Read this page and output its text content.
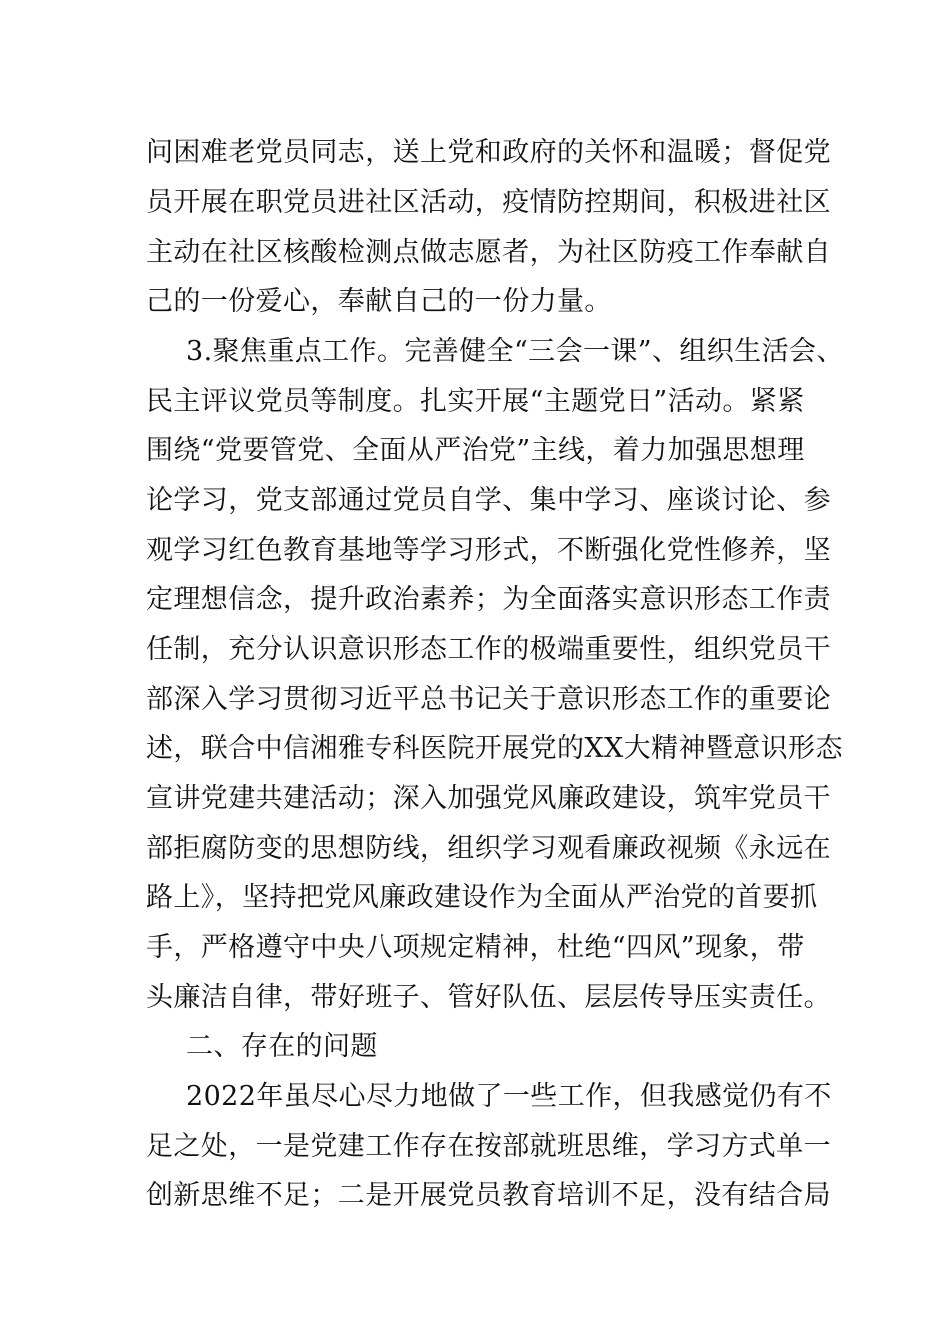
问困难老党员同志，送上党和政府的关怀和温暖；督促党
员开展在职党员进社区活动，疫情防控期间，积极进社区
主动在社区核酸检测点做志愿者，为社区防疫工作奉献自
己的一份爱心，奉献自己的一份力量。
3.聚焦重点工作。完善健全“三会一课”、组织生活会、
民主评议党员等制度。扎实开展“主题党日”活动。紧紧
围绕“党要管党、全面从严治党”主线，着力加强思想理
论学习，党支部通过党员自学、集中学习、座谈讨论、参
观学习红色教育基地等学习形式，不断强化党性修养，坚
定理想信念，提升政治素养；为全面落实意识形态工作责
任制，充分认识意识形态工作的极端重要性，组织党员干
部深入学习贯彻习近平总书记关于意识形态工作的重要论
述，联合中信湘雅专科医院开展党的XX大精神暨意识形态
宣讲党建共建活动；深入加强党风廉政建设，筑牢党员干
部拒腐防变的思想防线，组织学习观看廉政视频《永远在
路上》，坚持把党风廉政建设作为全面从严治党的首要抓
手，严格遵守中央八项规定精神，杜绝“四风”现象，带
头廉洁自律，带好班子、管好队伍、层层传导压实责任。
二、存在的问题
2022年虽尽心尽力地做了一些工作，但我感觉仍有不
足之处，一是党建工作存在按部就班思维，学习方式单一
创新思维不足；二是开展党员教育培训不足，没有结合局
